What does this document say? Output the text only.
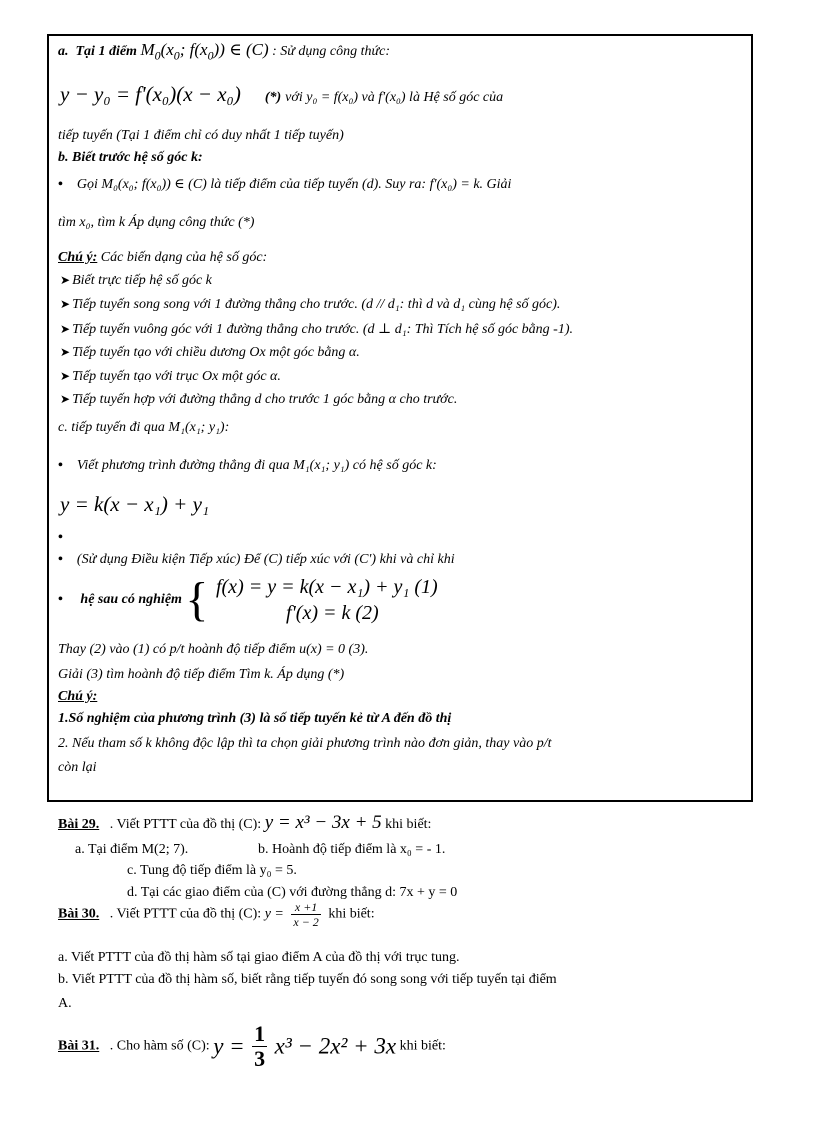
a.  Tại 1 điểm $M_0(x_0$; $f(x_0)$) ∈ (C) : Sử dụng công thức:
y − y₀ = f'(x₀)(x − x₀) (*) với y₀ = f(x₀) và f'(x₀) là Hệ số góc của
tiếp tuyến (Tại 1 điểm chỉ có duy nhất 1 tiếp tuyến)
b. Biết trước hệ số góc k:
• Gọi M₀(x₀; f(x₀)) ∈ (C) là tiếp điểm của tiếp tuyến (d). Suy ra: f'(x₀) = k. Giải
tìm x₀, tìm k Áp dụng công thức (*)
Chú ý: Các biến dạng của hệ số góc:
➤ Biết trực tiếp hệ số góc k
➤ Tiếp tuyến song song với 1 đường thẳng cho trước. (d // d₁: thì d và d₁ cùng hệ số góc).
➤ Tiếp tuyến vuông góc với 1 đường thẳng cho trước. (d ⊥ d₁: Thì Tích hệ số góc bằng -1).
➤ Tiếp tuyến tạo với chiều dương Ox một góc bằng α.
➤ Tiếp tuyến tạo với trục Ox một góc α.
➤ Tiếp tuyến hợp với đường thẳng d cho trước 1 góc bằng α cho trước.
c. tiếp tuyến đi qua M₁(x₁; y₁):
• Viết phương trình đường thẳng đi qua M₁(x₁; y₁) có hệ số góc k:
y = k(x − x₁) + y₁
•
• (Sử dụng Điều kiện Tiếp xúc) Để (C) tiếp xúc với (C') khi và chỉ khi
• hệ sau có nghiệm { f(x) = y = k(x − x₁) + y₁ (1)
f'(x) = k (2)
Thay (2) vào (1) có p/t hoành độ tiếp điểm u(x) = 0 (3).
Giải (3) tìm hoành độ tiếp điểm Tìm k. Áp dụng (*)
Chú ý:
1.Số nghiệm của phương trình (3) là số tiếp tuyến kẻ từ A đến đồ thị
2. Nếu tham số k không độc lập thì ta chọn giải phương trình nào đơn giản, thay vào p/t
còn lại
Bài 29. . Viết PTTT của đồ thị (C): y = x³ − 3x + 5 khi biết:
a. Tại điểm M(2; 7).	b. Hoành độ tiếp điểm là x₀ = - 1.
c. Tung độ tiếp điểm là y₀ = 5.
d. Tại các giao điểm của (C) với đường thẳng d: 7x + y = 0
Bài 30. . Viết PTTT của đồ thị (C): $y = \frac{x +1}{x - 2}$ khi biết:
a. Viết PTTT của đồ thị hàm số tại giao điểm A của đồ thị với trục tung.
b. Viết PTTT của đồ thị hàm số, biết rằng tiếp tuyến đó song song với tiếp tuyến tại điểm
A.
Bài 31. . Cho hàm số (C): $y = \frac{1}{3} x^3 - 2x^2 + 3x$ khi biết:
